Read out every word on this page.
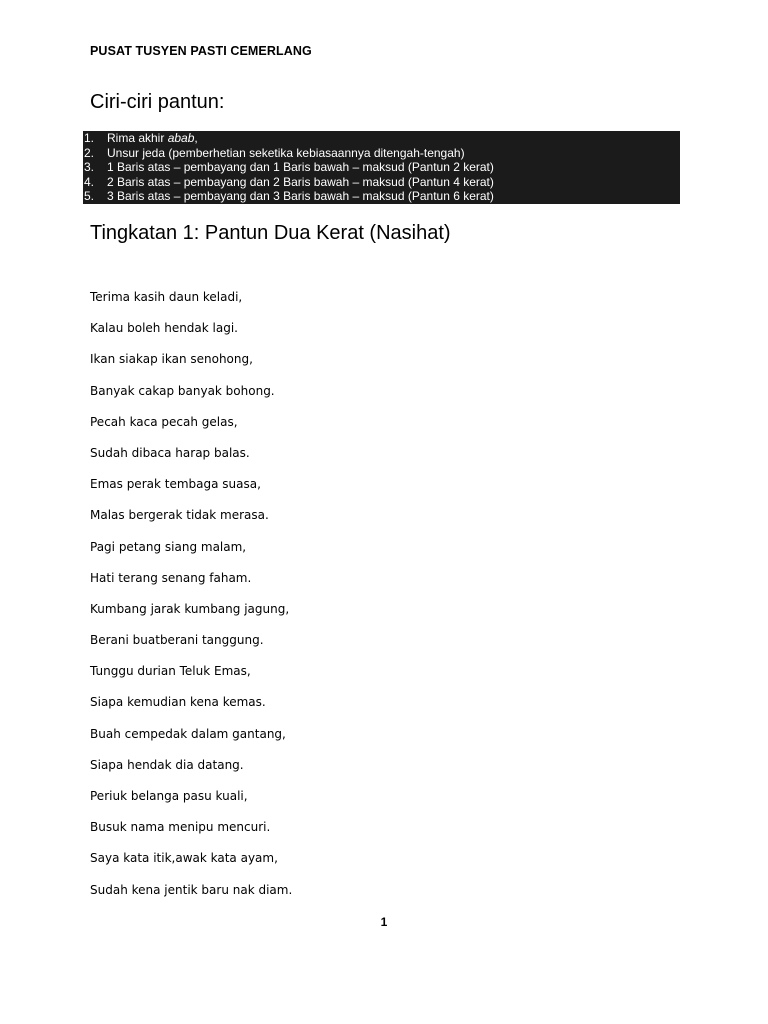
PUSAT TUSYEN PASTI CEMERLANG
Ciri-ciri pantun:
1. Rima akhir abab,
2. Unsur jeda (pemberhetian seketika kebiasaannya ditengah-tengah)
3. 1 Baris atas – pembayang dan 1 Baris bawah – maksud (Pantun 2 kerat)
4. 2 Baris atas – pembayang dan 2 Baris bawah – maksud (Pantun 4 kerat)
5. 3 Baris atas – pembayang dan 3 Baris bawah – maksud (Pantun 6 kerat)
Tingkatan 1: Pantun Dua Kerat (Nasihat)
Terima kasih daun keladi,
Kalau boleh hendak lagi.
Ikan siakap ikan senohong,
Banyak cakap banyak bohong.
Pecah kaca pecah gelas,
Sudah dibaca harap balas.
Emas perak tembaga suasa,
Malas bergerak tidak merasa.
Pagi petang siang malam,
Hati terang senang faham.
Kumbang jarak kumbang jagung,
Berani buatberani tanggung.
Tunggu durian Teluk Emas,
Siapa kemudian kena kemas.
Buah cempedak dalam gantang,
Siapa hendak dia datang.
Periuk belanga pasu kuali,
Busuk nama menipu mencuri.
Saya kata itik,awak kata ayam,
Sudah kena jentik baru nak diam.
1
